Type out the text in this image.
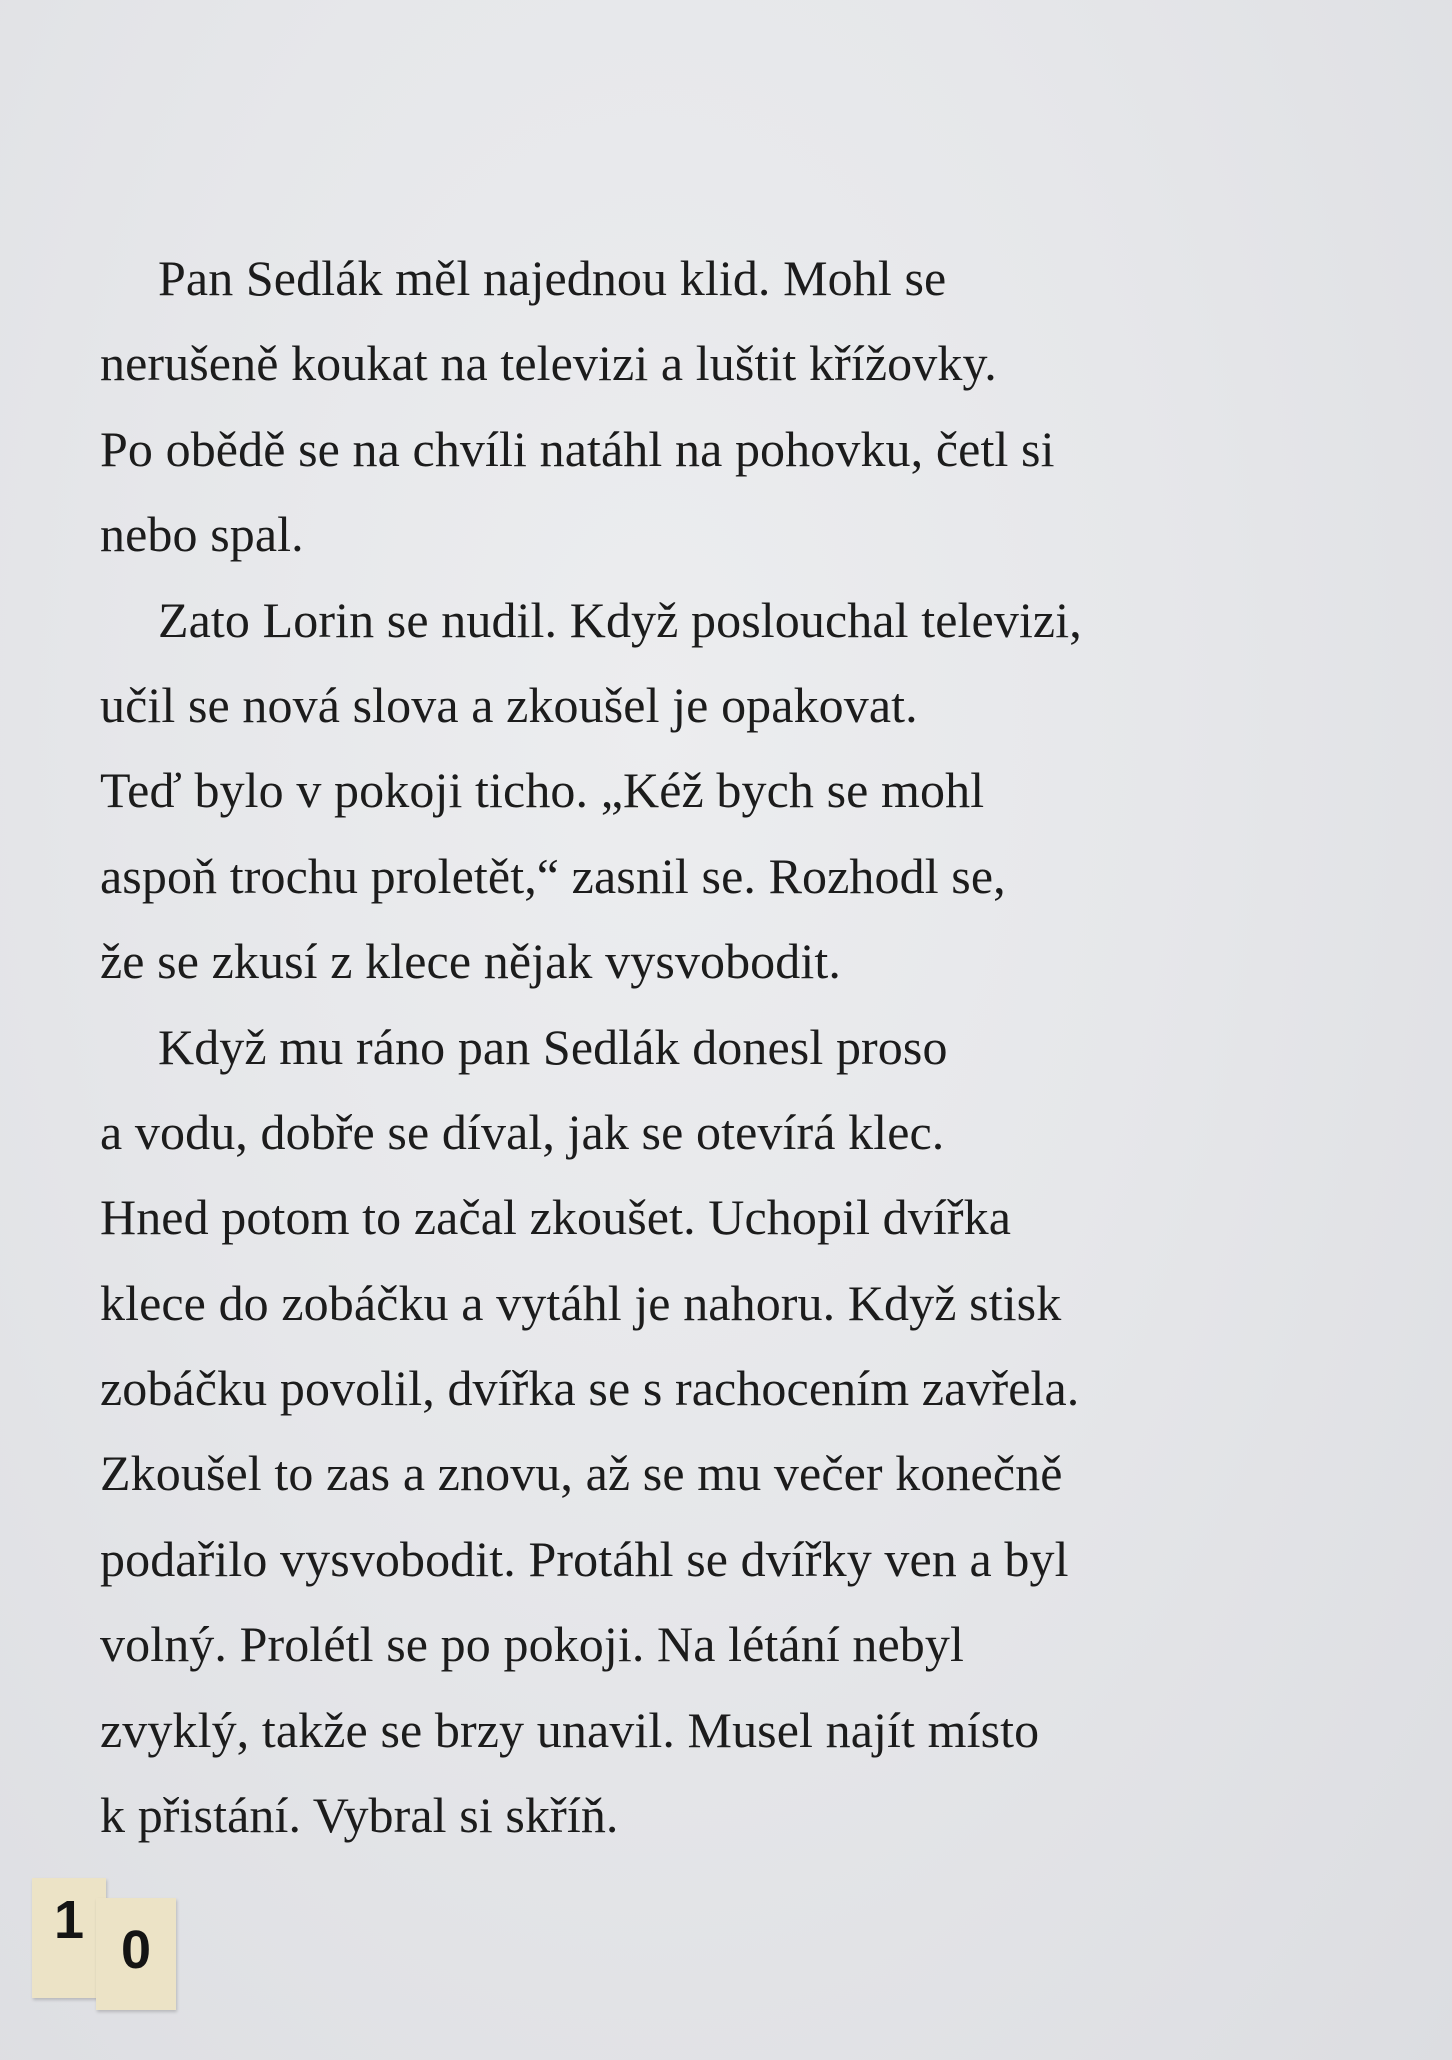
Pan Sedlák měl najednou klid. Mohl se
nerušeně koukat na televizi a luštit křížovky.
Po obědě se na chvíli natáhl na pohovku, četl si
nebo spal.
Zato Lorin se nudil. Když poslouchal televizi,
učil se nová slova a zkoušel je opakovat.
Teď bylo v pokoji ticho. „Kéž bych se mohl
aspoň trochu proletět,“ zasnil se. Rozhodl se,
že se zkusí z klece nějak vysvobodit.
Když mu ráno pan Sedlák donesl proso
a vodu, dobře se díval, jak se otevírá klec.
Hned potom to začal zkoušet. Uchopil dvířka
klece do zobáčku a vytáhl je nahoru. Když stisk
zobáčku povolil, dvířka se s rachocením zavřela.
Zkoušel to zas a znovu, až se mu večer konečně
podařilo vysvobodit. Protáhl se dvířky ven a byl
volný. Prolétl se po pokoji. Na létání nebyl
zvyklý, takže se brzy unavil. Musel najít místo
k přistání. Vybral si skříň.
1 0
